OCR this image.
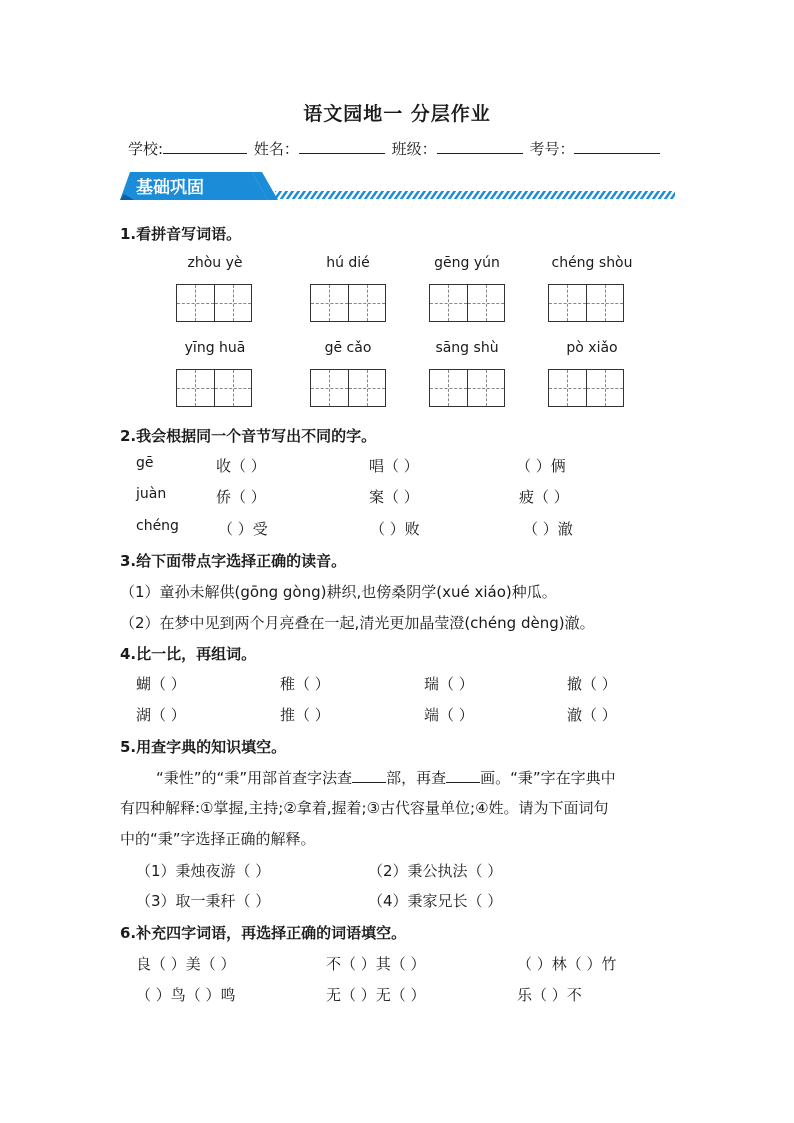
语文园地一 分层作业
学校:	姓名：	班级：	考号：
基础巩固
1.看拼音写词语。
zhòu yè	hú dié	gēng yún	chéng shòu
yīng huā	gē cǎo	sāng shù	pò xiǎo
2.我会根据同一个音节写出不同的字。
gē	收（ ）	唱（ ）	（ ）俩
juàn	侨（ ）	案（ ）	疲（ ）
chéng	（ ）受	（ ）败	（ ）澈
3.给下面带点字选择正确的读音。
（1）童孙未解供(gōng gòng)耕织,也傍桑阴学(xué xiáo)种瓜。
（2）在梦中见到两个月亮叠在一起,清光更加晶莹澄(chéng dèng)澈。
4.比一比，再组词。
蝴（ ）	稚（ ）	瑞（ ）	撤（ ）
湖（ ）	推（ ）	端（ ）	澈（ ）
5.用查字典的知识填空。
“秉性”的“秉”用部首查字法查 部，再查 画。“秉”字在字典中
有四种解释:①掌握,主持;②拿着,握着;③古代容量单位;④姓。请为下面词句
中的“秉”字选择正确的解释。
（1）秉烛夜游（ ）	（2）秉公执法（ ）
（3）取一秉秆（ ）	（4）秉家兄长（ ）
6.补充四字词语，再选择正确的词语填空。
良（ ）美（ ）	不（ ）其（ ）	（ ）林（ ）竹
（ ）鸟（ ）鸣	无（ ）无（ ）	乐（ ）不
